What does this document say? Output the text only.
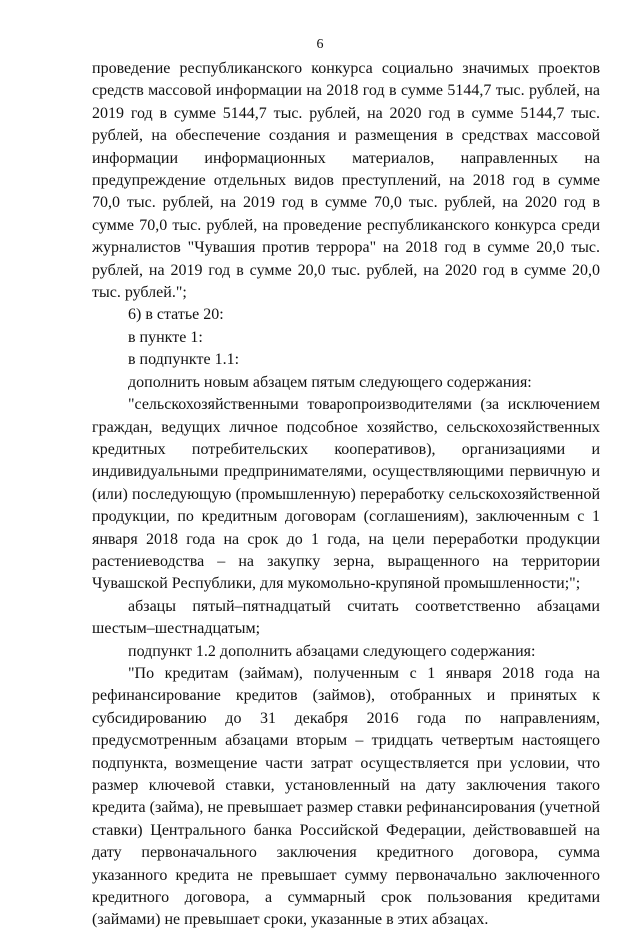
6

проведение республиканского конкурса социально значимых проектов средств массовой информации на 2018 год в сумме 5144,7 тыс. рублей, на 2019 год в сумме 5144,7 тыс. рублей, на 2020 год в сумме 5144,7 тыс. рублей, на обеспечение создания и размещения в средствах массовой информации информационных материалов, направленных на предупреждение отдельных видов преступлений, на 2018 год в сумме 70,0 тыс. рублей, на 2019 год в сумме 70,0 тыс. рублей, на 2020 год в сумме 70,0 тыс. рублей, на проведение республиканского конкурса среди журналистов "Чувашия против террора" на 2018 год в сумме 20,0 тыс. рублей, на 2019 год в сумме 20,0 тыс. рублей, на 2020 год в сумме 20,0 тыс. рублей.";

6) в статье 20:

в пункте 1:

в подпункте 1.1:

дополнить новым абзацем пятым следующего содержания:

"сельскохозяйственными товаропроизводителями (за исключением граждан, ведущих личное подсобное хозяйство, сельскохозяйственных кредитных потребительских кооперативов), организациями и индивидуальными предпринимателями, осуществляющими первичную и (или) последующую (промышленную) переработку сельскохозяйственной продукции, по кредитным договорам (соглашениям), заключенным с 1 января 2018 года на срок до 1 года, на цели переработки продукции растениеводства – на закупку зерна, выращенного на территории Чувашской Республики, для мукомольно-крупяной промышленности;";

абзацы пятый–пятнадцатый считать соответственно абзацами шестым–шестнадцатым;

подпункт 1.2 дополнить абзацами следующего содержания:

"По кредитам (займам), полученным с 1 января 2018 года на рефинансирование кредитов (займов), отобранных и принятых к субсидированию до 31 декабря 2016 года по направлениям, предусмотренным абзацами вторым – тридцать четвертым настоящего подпункта, возмещение части затрат осуществляется при условии, что размер ключевой ставки, установленный на дату заключения такого кредита (займа), не превышает размер ставки рефинансирования (учетной ставки) Центрального банка Российской Федерации, действовавшей на дату первоначального заключения кредитного договора, сумма указанного кредита не превышает сумму первоначально заключенного кредитного договора, а суммарный срок пользования кредитами (займами) не превышает сроки, указанные в этих абзацах.
